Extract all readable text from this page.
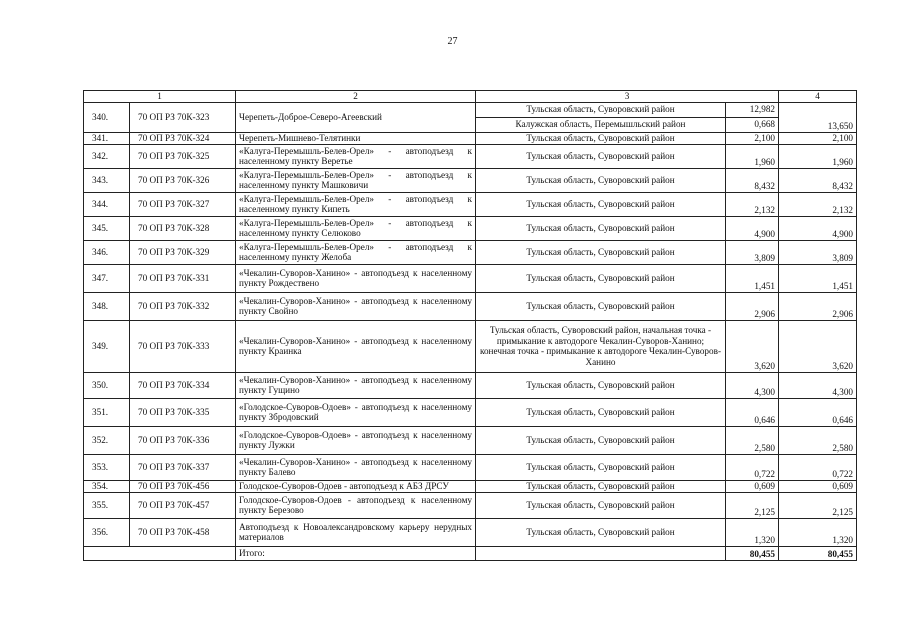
27
1		2	3		4
340.	70 ОП РЗ 70К-323	Черепеть-Доброе-Северо-Агеевский	Тульская область, Суворовский район	12,982	13,650
			Калужская область, Перемышльский район	0,668	
341.	70 ОП РЗ 70К-324	Черепеть-Мишнево-Телятинки	Тульская область, Суворовский район	2,100	2,100
342.	70 ОП РЗ 70К-325	«Калуга-Перемышль-Белев-Орел» - автоподъезд к населенному пункту Веретье	Тульская область, Суворовский район	1,960	1,960
343.	70 ОП РЗ 70К-326	«Калуга-Перемышль-Белев-Орел» - автоподъезд к населенному пункту Машковичи	Тульская область, Суворовский район	8,432	8,432
344.	70 ОП РЗ 70К-327	«Калуга-Перемышль-Белев-Орел» - автоподъезд к населенному пункту Кипеть	Тульская область, Суворовский район	2,132	2,132
345.	70 ОП РЗ 70К-328	«Калуга-Перемышль-Белев-Орел» - автоподъезд к населенному пункту Селюково	Тульская область, Суворовский район	4,900	4,900
346.	70 ОП РЗ 70К-329	«Калуга-Перемышль-Белев-Орел» - автоподъезд к населенному пункту Желоба	Тульская область, Суворовский район	3,809	3,809
347.	70 ОП РЗ 70К-331	«Чекалин-Суворов-Ханино» - автоподъезд к населенному пункту Рождествено	Тульская область, Суворовский район	1,451	1,451
348.	70 ОП РЗ 70К-332	«Чекалин-Суворов-Ханино» - автоподъезд к населенному пункту Свойно	Тульская область, Суворовский район	2,906	2,906
349.	70 ОП РЗ 70К-333	«Чекалин-Суворов-Ханино» - автоподъезд к населенному пункту Краинка	Тульская область, Суворовский район, начальная точка - примыкание к автодороге Чекалин-Суворов-Ханино; конечная точка - примыкание к автодороге Чекалин-Суворов-Ханино	3,620	3,620
350.	70 ОП РЗ 70К-334	«Чекалин-Суворов-Ханино» - автоподъезд к населенному пункту Гущино	Тульская область, Суворовский район	4,300	4,300
351.	70 ОП РЗ 70К-335	«Голодское-Суворов-Одоев» - автоподъезд к населенному пункту Збродовский	Тульская область, Суворовский район	0,646	0,646
352.	70 ОП РЗ 70К-336	«Голодское-Суворов-Одоев» - автоподъезд к населенному пункту Лужки	Тульская область, Суворовский район	2,580	2,580
353.	70 ОП РЗ 70К-337	«Чекалин-Суворов-Ханино» - автоподъезд к населенному пункту Балево	Тульская область, Суворовский район	0,722	0,722
354.	70 ОП РЗ 70К-456	Голодское-Суворов-Одоев - автоподъезд к АБЗ ДРСУ	Тульская область, Суворовский район	0,609	0,609
355.	70 ОП РЗ 70К-457	Голодское-Суворов-Одоев - автоподъезд к населенному пункту Березово	Тульская область, Суворовский район	2,125	2,125
356.	70 ОП РЗ 70К-458	Автоподъезд к Новоалександровскому карьеру нерудных материалов	Тульская область, Суворовский район	1,320	1,320
		Итого:		80,455	80,455
